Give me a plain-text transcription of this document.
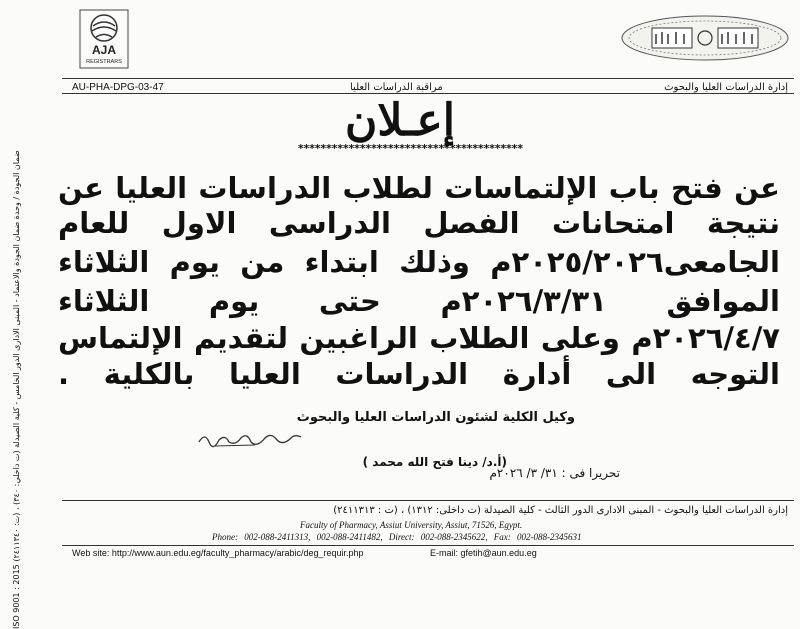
AJA
REGISTRARS
AU-PHA-DPG-03-47	مراقبة الدراسات العليا	إدارة الدراسات العليا والبحوث
إعـلان
****************************************
عن فتح باب الإلتماسات لطلاب الدراسات العليا عن
نتيجة امتحانات الفصل الدراسى الاول للعام
الجامعى٢٠٢٥/٢٠٢٦م وذلك ابتداء من يوم الثلاثاء
الموافق ٢٠٢٦/٣/٣١م حتى يوم الثلاثاء
٢٠٢٦/٤/٧م وعلى الطلاب الراغبين لتقديم الإلتماس
التوجه الى أدارة الدراسات العليا بالكلية .
وكيل الكلية لشئون الدراسات العليا والبحوث
(أ.د/ دينا فتح الله محمد )
تحريرا فى : ٣١/ ٣/ ٢٠٢٦م
إدارة الدراسات العليا والبحوث - المبنى الادارى الدور الثالث - كلية الصيدلة (ت داخلى: ١٣١٢) ، (ت : ٢٤١١٣١٣)
Faculty of Pharmacy, Assiut University, Assiut, 71526, Egypt.
Phone: 002-088-2411313, 002-088-2411482, Direct: 002-088-2345622, Fax: 002-088-2345631
Web site: http://www.aun.edu.eg/faculty_pharmacy/arabic/deg_requir.php	E-mail: gfetih@aun.edu.eg
ضمان الجودة / وحدة ضمان الجودة والاعتماد - المبنى الادارى الدور الخامس - كلية الصيدلة (ت داخلي: ٣٤٠) ، (ت: ٢٤١١٣٤٠) ISO 9001 : 2015
